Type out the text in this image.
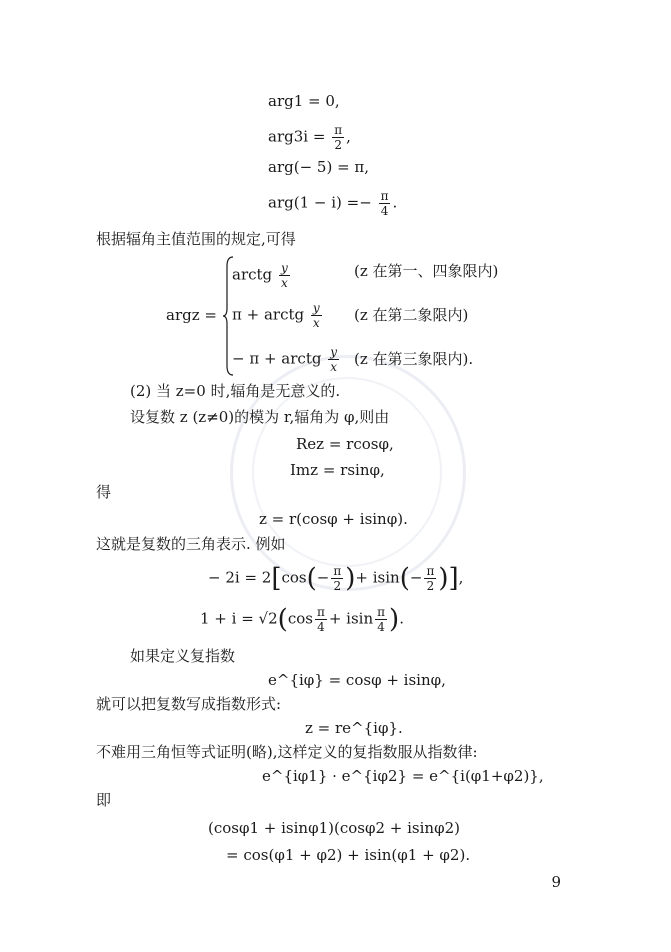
arg1 = 0,
$arg3i = \frac{\pi}{2}$ ,
arg(− 5) = π,
$arg(1 - i) =- \frac{\pi}{4}$ .
根据辐角主值范围的规定,可得
argz =
arctg $\frac{y}{x}$	(z 在第一、四象限内)
π + arctg $\frac{y}{x} (z$ 在第二象限内)
− π + arctg $\frac{y}{x} (z$ 在第三象限内).
(2) 当 z=0 时,辐角是无意义的.
设复数 z (z≠0)的模为 r,辐角为 φ,则由
Rez = rcosφ,
Imz = rsinφ,
得
z = r(cosφ + isinφ).
这就是复数的三角表示. 例如
− $2i = 2[\cos(- \frac{\pi}{2}$ )+ $isin(- \frac{\pi}{2}$ )],
$1 + i = √2(\cos \frac{\pi}{4} + isin \frac{\pi}{4}$ ).
如果定义复指数
e^{iφ} = cosφ + isinφ,
就可以把复数写成指数形式:
z = re^{iφ}.
不难用三角恒等式证明(略),这样定义的复指数服从指数律:
e^{iφ1} · e^{iφ2} = e^{i(φ1+φ2)},
即
(cosφ1 + isinφ1)(cosφ2 + isinφ2)
= cos(φ1 + φ2) + isin(φ1 + φ2).
9
